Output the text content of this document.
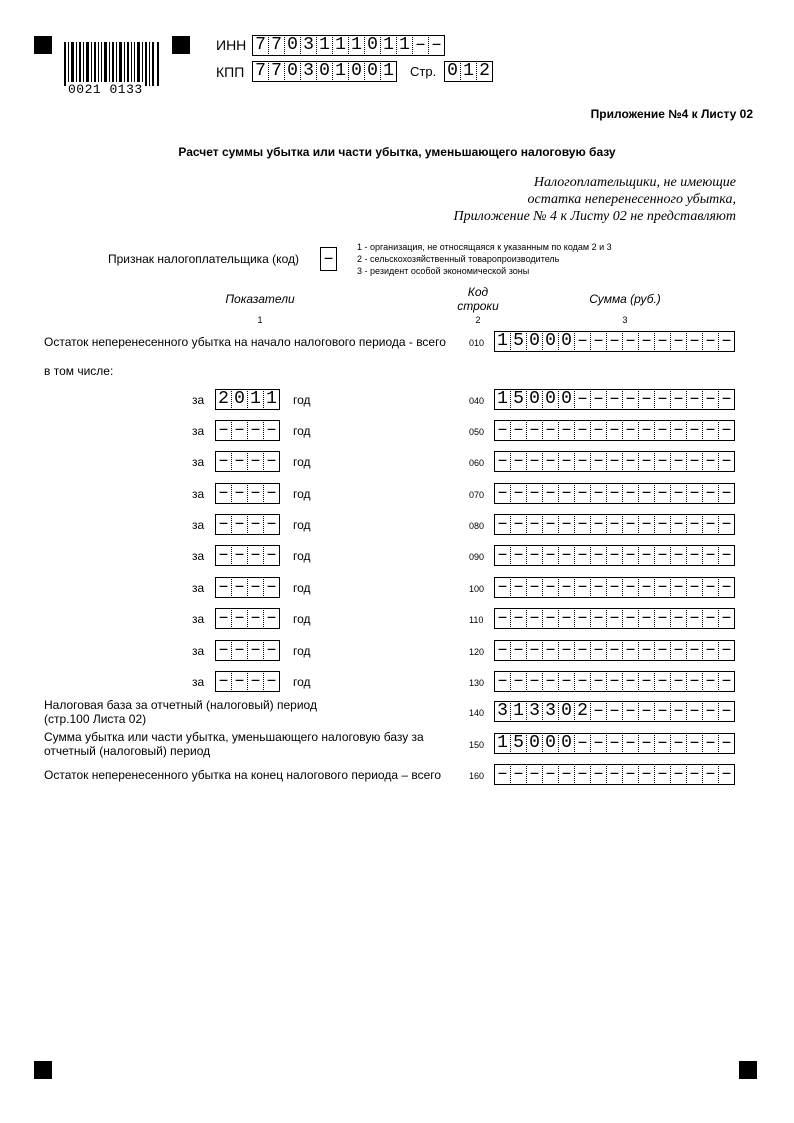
0021 0133
ИНН 7 7 0 3 1 1 1 0 1 1 – –
КПП 7 7 0 3 0 1 0 0 1 Стр. 0 1 2
Приложение №4 к Листу 02
Расчет суммы убытка или части убытка, уменьшающего налоговую базу
Налогоплательщики, не имеющие
остатка неперенесенного убытка,
Приложение № 4 к Листу 02 не представляют
Признак налогоплательщика (код) –
1 - организация, не относящаяся к указанным по кодам 2 и 3
2 - сельскохозяйственный товаропроизводитель
3 - резидент особой экономической зоны
Показатели	Код
строки	Сумма (руб.)
1	2	3
Остаток неперенесенного убытка на начало налогового периода - всего	010 1 5 0 0 0 – – – – – – – – – –
в том числе:
за 2 0 1 1 год	040 1 5 0 0 0 – – – – – – – – – –
за – – – – год	050 – – – – – – – – – – – – – – –
за – – – – год	060 – – – – – – – – – – – – – – –
за – – – – год	070 – – – – – – – – – – – – – – –
за – – – – год	080 – – – – – – – – – – – – – – –
за – – – – год	090 – – – – – – – – – – – – – – –
за – – – – год	100 – – – – – – – – – – – – – – –
за – – – – год	110 – – – – – – – – – – – – – – –
за – – – – год	120 – – – – – – – – – – – – – – –
за – – – – год	130 – – – – – – – – – – – – – – –
Налоговая база за отчетный (налоговый) период
(стр.100 Листа 02)	140 3 1 3 3 0 2 – – – – – – – – –
Сумма убытка или части убытка, уменьшающего налоговую базу за
отчетный (налоговый) период	150 1 5 0 0 0 – – – – – – – – – –
Остаток неперенесенного убытка на конец налогового периода – всего	160 – – – – – – – – – – – – – – –
